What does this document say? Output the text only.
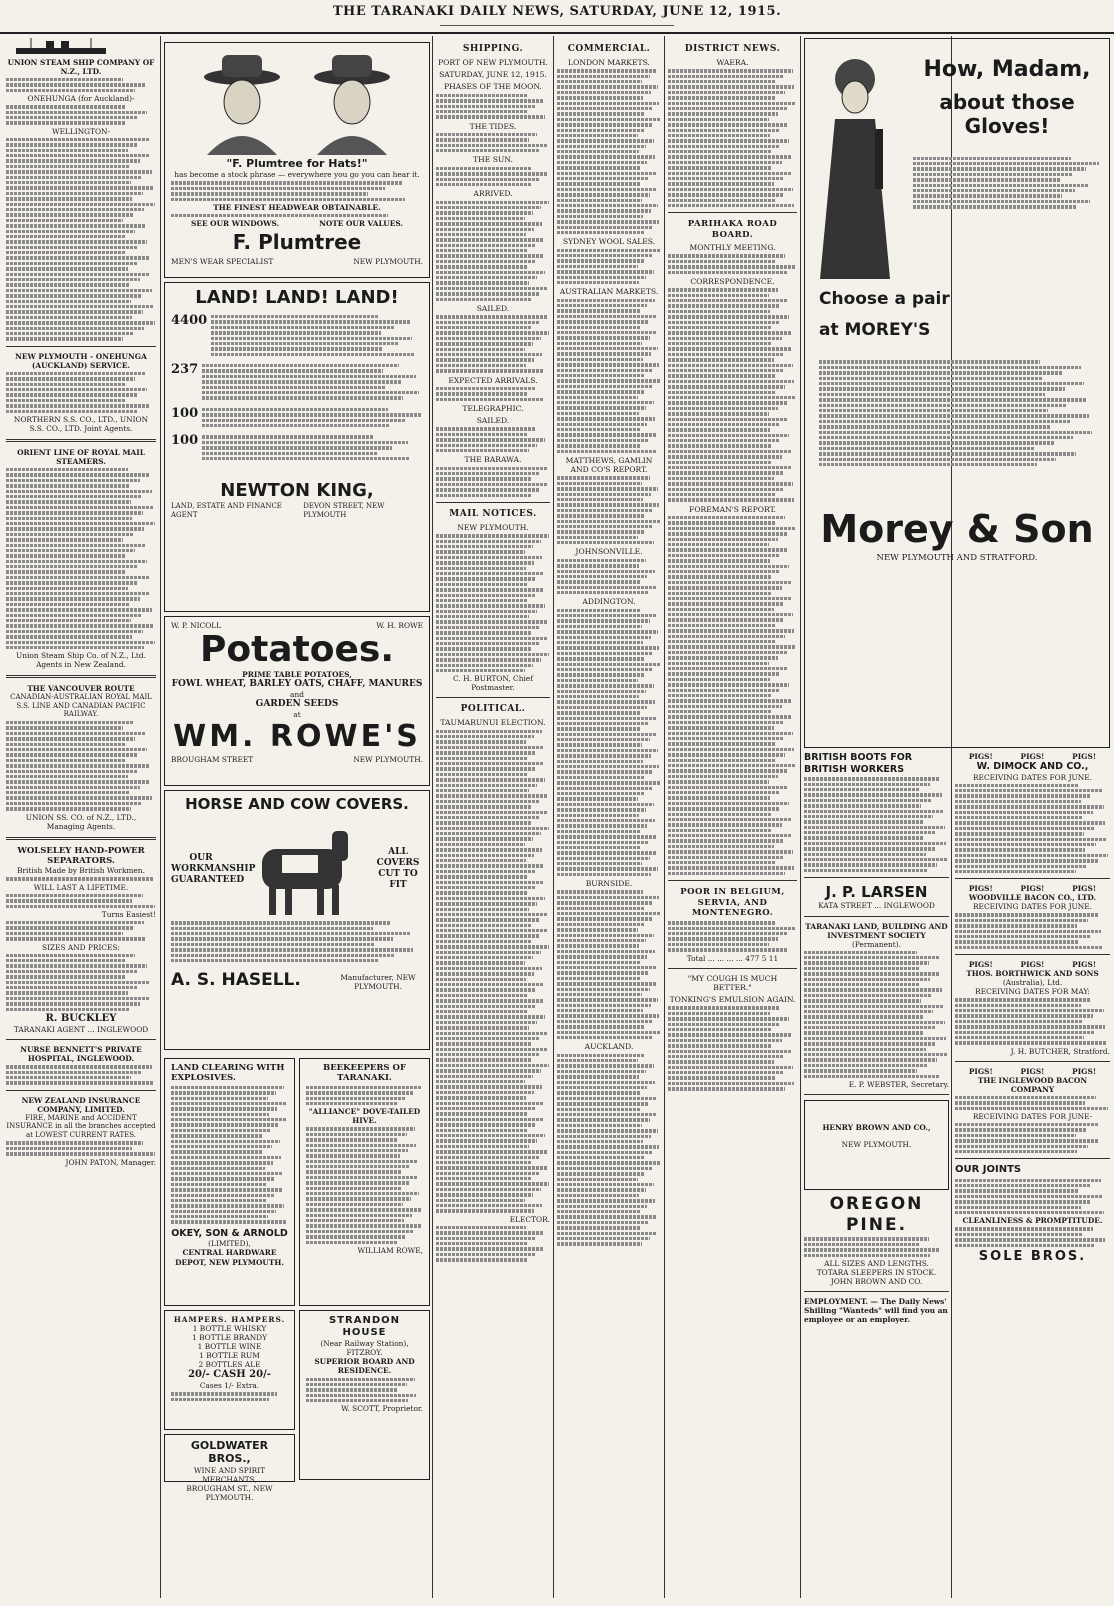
THE TARANAKI DAILY NEWS, SATURDAY, JUNE 12, 1915.
UNION STEAM SHIP COMPANY OF N.Z., LTD.
ONEHUNGA (for Auckland)-
WELLINGTON-
NEW PLYMOUTH - ONEHUNGA (AUCKLAND) SERVICE.
NORTHERN S.S. CO., LTD., UNION S.S. CO., LTD. Joint Agents.
ORIENT LINE OF ROYAL MAIL STEAMERS.
Union Steam Ship Co. of N.Z., Ltd. Agents in New Zealand.
THE VANCOUVER ROUTE
CANADIAN-AUSTRALIAN ROYAL MAIL S.S. LINE AND CANADIAN PACIFIC RAILWAY.
UNION SS. CO. of N.Z., LTD., Managing Agents.
WOLSELEY HAND-POWER SEPARATORS.
British Made by British Workmen.
WILL LAST A LIFETIME.
Turns Easiest!
SIZES AND PRICES:
R. BUCKLEY
TARANAKI AGENT ... INGLEWOOD
NURSE BENNETT'S PRIVATE HOSPITAL, INGLEWOOD.
NEW ZEALAND INSURANCE COMPANY, LIMITED.
FIRE, MARINE and ACCIDENT INSURANCE in all the branches accepted at LOWEST CURRENT RATES.
JOHN PATON, Manager.
"F. Plumtree for Hats!"
has become a stock phrase — everywhere you go you can hear it.
THE FINEST HEADWEAR OBTAINABLE.
SEE OUR WINDOWS.	NOTE OUR VALUES.
F. Plumtree
MEN'S WEAR SPECIALIST	NEW PLYMOUTH.
LAND! LAND! LAND!
4400
237
100
100
NEWTON KING,
LAND, ESTATE AND FINANCE AGENT
DEVON STREET, NEW PLYMOUTH
W. P. NICOLL	W. H. ROWE
Potatoes.
PRIME TABLE POTATOES,
FOWL WHEAT, BARLEY OATS, CHAFF, MANURES
and
GARDEN SEEDS
at
WM. ROWE'S
BROUGHAM STREET	NEW PLYMOUTH.
HORSE AND COW COVERS.
OUR WORKMANSHIP GUARANTEED
ALL COVERS CUT TO FIT
A. S. HASELL.	Manufacturer, NEW PLYMOUTH.
LAND CLEARING WITH EXPLOSIVES.
OKEY, SON & ARNOLD
(LIMITED),
CENTRAL HARDWARE DEPOT, NEW PLYMOUTH.
HAMPERS. HAMPERS.
1 BOTTLE WHISKY
1 BOTTLE BRANDY
1 BOTTLE WINE
1 BOTTLE RUM
2 BOTTLES ALE
20/- CASH 20/-
Cases 1/- Extra.
GOLDWATER BROS.,
WINE AND SPIRIT MERCHANTS,
BROUGHAM ST., NEW PLYMOUTH.
BEEKEEPERS OF TARANAKI.
"ALLIANCE" DOVE-TAILED HIVE.
WILLIAM ROWE,
STRANDON HOUSE
(Near Railway Station), FITZROY.
SUPERIOR BOARD AND RESIDENCE.
W. SCOTT, Proprietor.
SHIPPING.
PORT OF NEW PLYMOUTH.
SATURDAY, JUNE 12, 1915.
PHASES OF THE MOON.
THE TIDES.
THE SUN.
ARRIVED.
SAILED.
EXPECTED ARRIVALS.
TELEGRAPHIC.
SAILED.
THE BARAWA.
MAIL NOTICES.
NEW PLYMOUTH.
C. H. BURTON, Chief Postmaster.
POLITICAL.
TAUMARUNUI ELECTION.
ELECTOR.
COMMERCIAL.
LONDON MARKETS.
SYDNEY WOOL SALES.
AUSTRALIAN MARKETS.
MATTHEWS, GAMLIN AND CO'S REPORT.
JOHNSONVILLE.
ADDINGTON.
BURNSIDE.
AUCKLAND.
DISTRICT NEWS.
WAERA.
PARIHAKA ROAD BOARD.
MONTHLY MEETING.
CORRESPONDENCE.
FOREMAN'S REPORT.
POOR IN BELGIUM, SERVIA, AND MONTENEGRO.
Total ... ... ... ... 477 5 11
"MY COUGH IS MUCH BETTER."
TONKING'S EMULSION AGAIN.
How, Madam,
about those Gloves!
Choose a pair
at MOREY'S
Morey & Son
NEW PLYMOUTH AND STRATFORD.
BRITISH BOOTS FOR
BRITISH WORKERS
J. P. LARSEN
KATA STREET ... INGLEWOOD
TARANAKI LAND, BUILDING AND INVESTMENT SOCIETY
(Permanent).
E. P. WEBSTER, Secretary.
HENRY BROWN AND CO.,
NEW PLYMOUTH.
OREGON PINE.
ALL SIZES AND LENGTHS.
TOTARA SLEEPERS IN STOCK.
JOHN BROWN AND CO.
EMPLOYMENT. — The Daily News' Shilling "Wanteds" will find you an employee or an employer.
PIGS!	PIGS!	PIGS!
W. DIMOCK AND CO.,
RECEIVING DATES FOR JUNE.
PIGS!	PIGS!	PIGS!
WOODVILLE BACON CO., LTD.
RECEIVING DATES FOR JUNE.
PIGS!	PIGS!	PIGS!
THOS. BORTHWICK AND SONS
(Australia), Ltd.
RECEIVING DATES FOR MAY:
J. H. BUTCHER, Stratford.
PIGS!	PIGS!	PIGS!
THE INGLEWOOD BACON COMPANY
RECEIVING DATES FOR JUNE-
OUR JOINTS
CLEANLINESS & PROMPTITUDE.
SOLE BROS.
